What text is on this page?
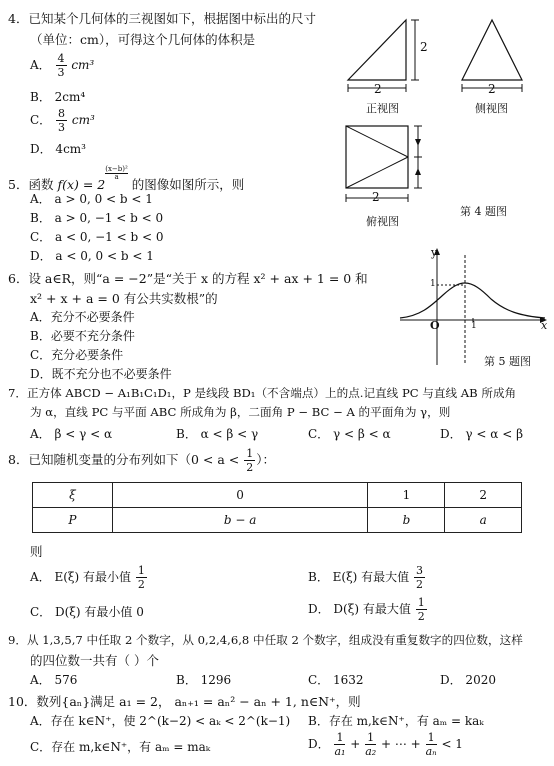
4．已知某个几何体的三视图如下，根据图中标出的尺寸
（单位：cm），可得这个几何体的体积是
A． $\frac{4}{3} cm^3$
B． 2cm⁴
C． $\frac{8}{3} cm^3$
D． 4cm³
2
2	2
2
正视图	侧视图
俯视图
第 4 题图
5．函数 f(x) = 2
$\frac{\text{(x−b)²}}{a}$
的图像如图所示，则
A． a > 0, 0 < b < 1
B． a > 0, −1 < b < 0
C． a < 0, −1 < b < 0
D． a < 0, 0 < b < 1	y
x
O	1
1
第 5 题图
6．设 a∈R，则“a = −2”是“关于 x 的方程 x² + ax + 1 = 0 和
x² + x + a = 0 有公共实数根”的
A．充分不必要条件
B．必要不充分条件
C．充分必要条件
D．既不充分也不必要条件
7．正方体 ABCD − A₁B₁C₁D₁，P 是线段 BD₁（不含端点）上的点.记直线 PC 与直线 AB 所成角
为 α，直线 PC 与平面 ABC 所成角为 β，二面角 P − BC − A 的平面角为 γ，则
A． β < γ < α	B． α < β < γ	C． γ < β < α	D． γ < α < β
8．已知随机变量的分布列如下（$0 < a < \frac{1}{2}$ ）：
ξ	0	1	2
P	b − a	b	a
则
A． E(ξ) 有最小值 $\frac{1}{2}$	B． E(ξ) 有最大值 $\frac{3}{2}$
C． D(ξ) 有最小值 0	D． D(ξ) 有最大值 $\frac{1}{2}$
9．从 1,3,5,7 中任取 2 个数字，从 0,2,4,6,8 中任取 2 个数字，组成没有重复数字的四位数，这样
的四位数一共有（ ）个
A． 576	B． 1296	C． 1632	D． 2020
10．数列{aₙ}满足 a₁ = 2， aₙ₊₁ = aₙ² − aₙ + 1, n∈N⁺，则
A．存在 k∈N⁺，使 2^(k−2) < aₖ < 2^(k−1) B．存在 m,k∈N⁺，有 aₘ = kaₖ
C．存在 m,k∈N⁺，有 aₘ = maₖ	D． $\frac{1}{\text{a₁}} + \frac{1}{\text{a₂}}$ + ⋯ + $\frac{1}{\text{aₙ}} < 1$
